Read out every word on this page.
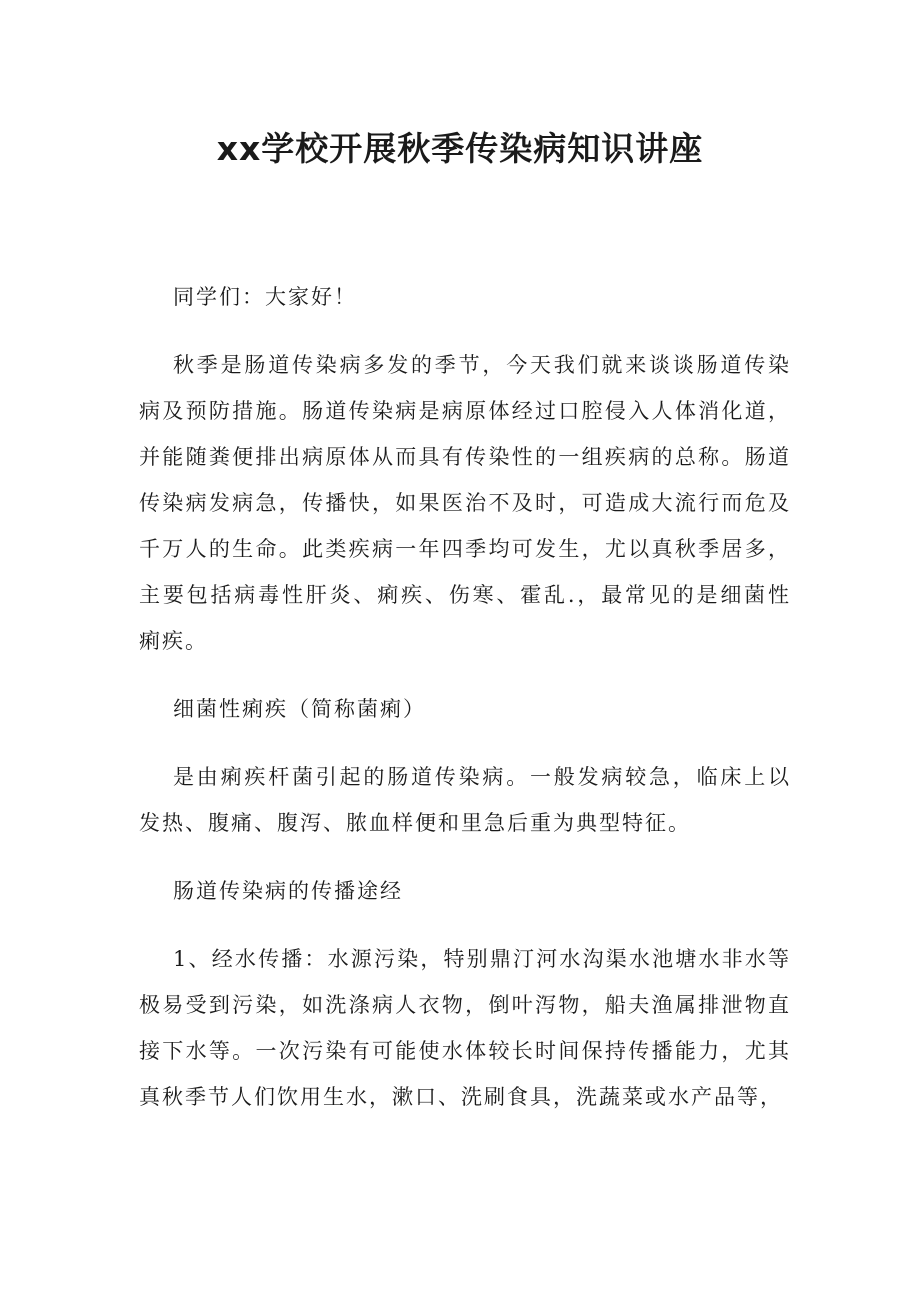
xx学校开展秋季传染病知识讲座

同学们：大家好！

秋季是肠道传染病多发的季节，今天我们就来谈谈肠道传染病及预防措施。肠道传染病是病原体经过口腔侵入人体消化道，并能随粪便排出病原体从而具有传染性的一组疾病的总称。肠道传染病发病急，传播快，如果医治不及时，可造成大流行而危及千万人的生命。此类疾病一年四季均可发生，尤以真秋季居多，主要包括病毒性肝炎、痢疾、伤寒、霍乱.，最常见的是细菌性痢疾。

细菌性痢疾（简称菌痢）

是由痢疾杆菌引起的肠道传染病。一般发病较急，临床上以发热、腹痛、腹泻、脓血样便和里急后重为典型特征。

肠道传染病的传播途经

1、经水传播：水源污染，特别鼎汀河水沟渠水池塘水非水等极易受到污染，如洗涤病人衣物，倒叶泻物，船夫渔属排泄物直接下水等。一次污染有可能使水体较长时间保持传播能力，尤其真秋季节人们饮用生水，漱口、洗刷食具，洗蔬菜或水产品等，
